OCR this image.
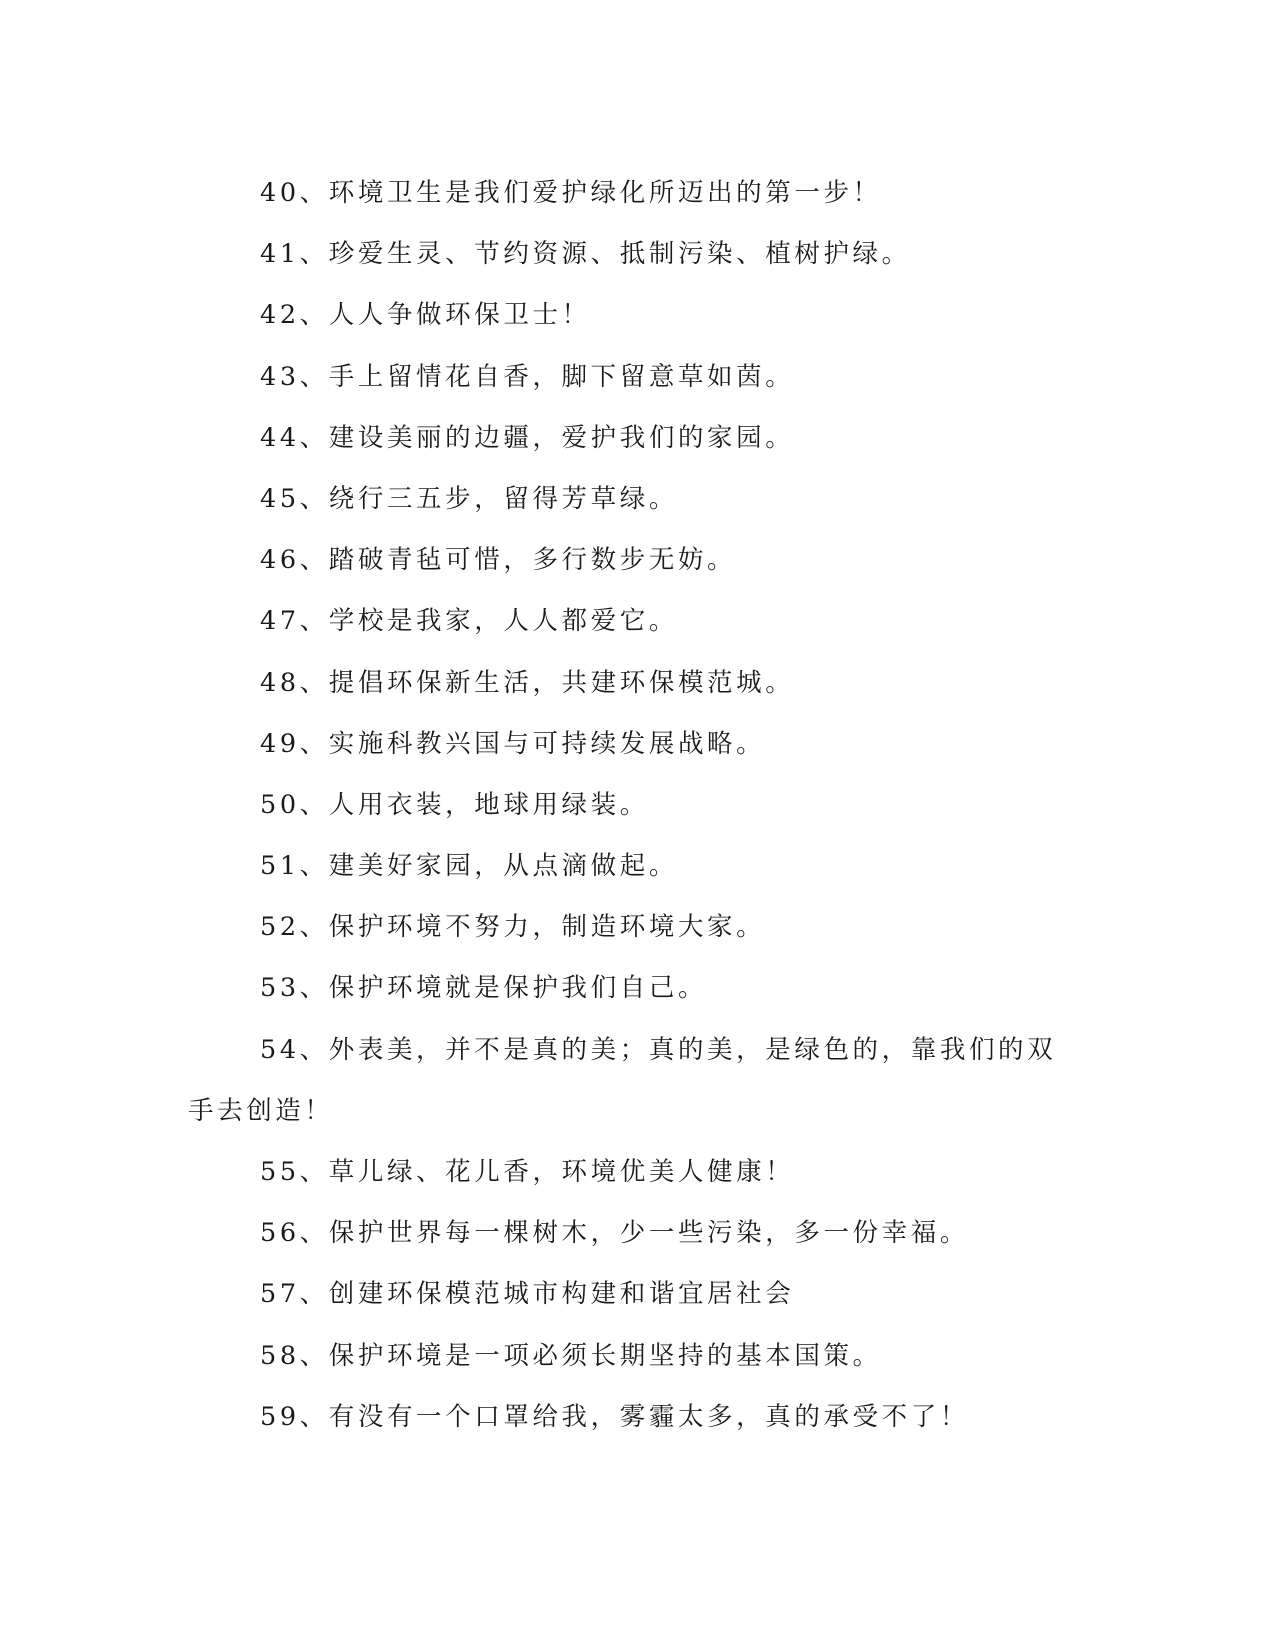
40、环境卫生是我们爱护绿化所迈出的第一步！
41、珍爱生灵、节约资源、抵制污染、植树护绿。
42、人人争做环保卫士！
43、手上留情花自香，脚下留意草如茵。
44、建设美丽的边疆，爱护我们的家园。
45、绕行三五步，留得芳草绿。
46、踏破青毡可惜，多行数步无妨。
47、学校是我家，人人都爱它。
48、提倡环保新生活，共建环保模范城。
49、实施科教兴国与可持续发展战略。
50、人用衣装，地球用绿装。
51、建美好家园，从点滴做起。
52、保护环境不努力，制造环境大家。
53、保护环境就是保护我们自己。
54、外表美，并不是真的美；真的美，是绿色的，靠我们的双手去创造！
55、草儿绿、花儿香，环境优美人健康！
56、保护世界每一棵树木，少一些污染，多一份幸福。
57、创建环保模范城市构建和谐宜居社会
58、保护环境是一项必须长期坚持的基本国策。
59、有没有一个口罩给我，雾霾太多，真的承受不了！
